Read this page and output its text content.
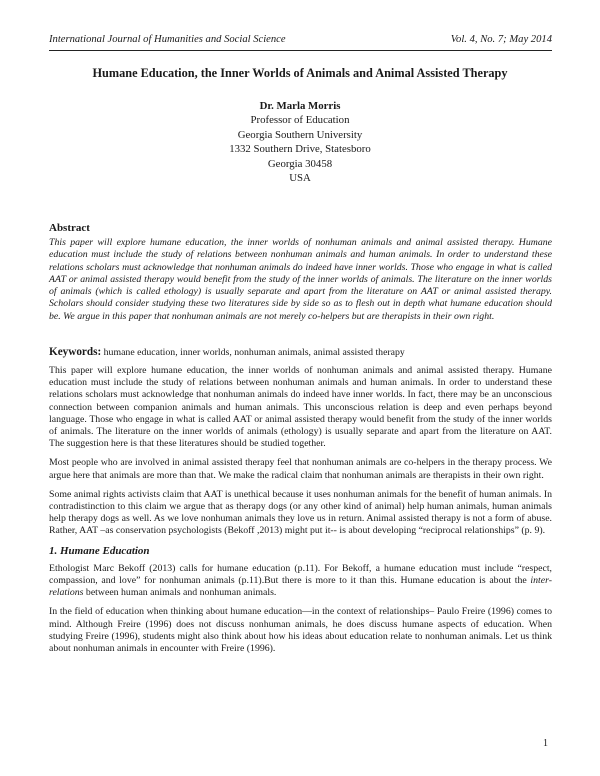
International Journal of Humanities and Social Science	Vol. 4, No. 7; May 2014
Humane Education, the Inner Worlds of Animals and Animal Assisted Therapy
Dr. Marla Morris
Professor of Education
Georgia Southern University
1332 Southern Drive, Statesboro
Georgia 30458
USA
Abstract
This paper will explore humane education, the inner worlds of nonhuman animals and animal assisted therapy. Humane education must include the study of relations between nonhuman animals and human animals. In order to understand these relations scholars must acknowledge that nonhuman animals do indeed have inner worlds. Those who engage in what is called AAT or animal assisted therapy would benefit from the study of the inner worlds of animals. The literature on the inner worlds of animals (which is called ethology) is usually separate and apart from the literature on AAT or animal assisted therapy. Scholars should consider studying these two literatures side by side so as to flesh out in depth what humane education should be. We argue in this paper that nonhuman animals are not merely co-helpers but are therapists in their own right.
Keywords: humane education, inner worlds, nonhuman animals, animal assisted therapy

This paper will explore humane education, the inner worlds of nonhuman animals and animal assisted therapy. Humane education must include the study of relations between nonhuman animals and human animals. In order to understand these relations scholars must acknowledge that nonhuman animals do indeed have inner worlds. In fact, there may be an unconscious connection between companion animals and human animals. This unconscious relation is deep and even perhaps beyond language. Those who engage in what is called AAT or animal assisted therapy would benefit from the study of the inner worlds of animals. The literature on the inner worlds of animals (ethology) is usually separate and apart from the literature on AAT. The suggestion here is that these literatures should be studied together.

Most people who are involved in animal assisted therapy feel that nonhuman animals are co-helpers in the therapy process. We argue here that animals are more than that. We make the radical claim that nonhuman animals are therapists in their own right.

Some animal rights activists claim that AAT is unethical because it uses nonhuman animals for the benefit of human animals. In contradistinction to this claim we argue that as therapy dogs (or any other kind of animal) help human animals, human animals help therapy dogs as well. As we love nonhuman animals they love us in return. Animal assisted therapy is not a form of abuse. Rather, AAT –as conservation psychologists (Bekoff ,2013) might put it-- is about developing “reciprocal relationships” (p. 9).

1. Humane Education

Ethologist Marc Bekoff (2013) calls for humane education (p.11). For Bekoff, a humane education must include “respect, compassion, and love” for nonhuman animals (p.11).But there is more to it than this. Humane education is about the inter-relations between human animals and nonhuman animals.

In the field of education when thinking about humane education—in the context of relationships– Paulo Freire (1996) comes to mind. Although Freire (1996) does not discuss nonhuman animals, he does discuss humane aspects of education. When studying Freire (1996), students might also think about how his ideas about education relate to nonhuman animals. Let us think about nonhuman animals in encounter with Freire (1996).

1
